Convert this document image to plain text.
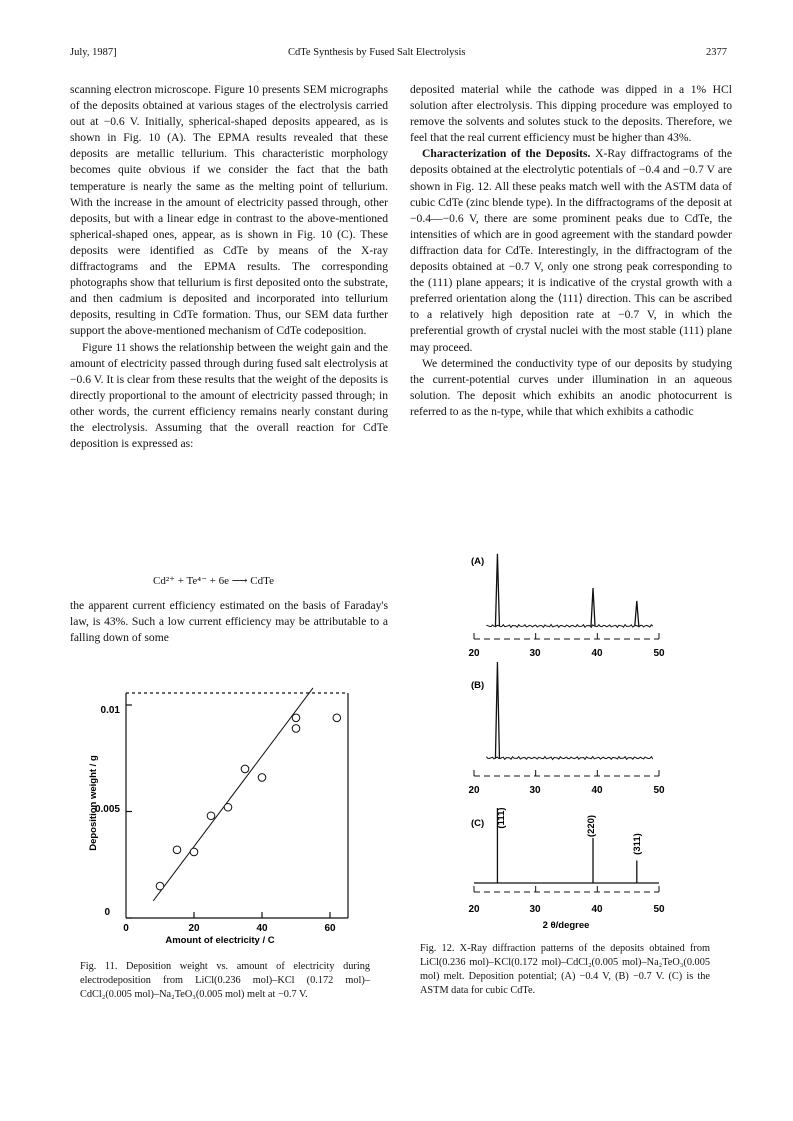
July, 1987]	CdTe Synthesis by Fused Salt Electrolysis	2377

scanning electron microscope. Figure 10 presents SEM micrographs of the deposits obtained at various stages of the electrolysis carried out at −0.6 V. Initially, spherical-shaped deposits appeared, as is shown in Fig. 10 (A). The EPMA results revealed that these deposits are metallic tellurium. This characteristic morphology becomes quite obvious if we consider the fact that the bath temperature is nearly the same as the melting point of tellurium. With the increase in the amount of electricity passed through, other deposits, but with a linear edge in contrast to the above-mentioned spherical-shaped ones, appear, as is shown in Fig. 10 (C). These deposits were identified as CdTe by means of the X-ray diffractograms and the EPMA results. The corresponding photographs show that tellurium is first deposited onto the substrate, and then cadmium is deposited and incorporated into tellurium deposits, resulting in CdTe formation. Thus, our SEM data further support the above-mentioned mechanism of CdTe codeposition.

Figure 11 shows the relationship between the weight gain and the amount of electricity passed through during fused salt electrolysis at −0.6 V. It is clear from these results that the weight of the deposits is directly proportional to the amount of electricity passed through; in other words, the current efficiency remains nearly constant during the electrolysis. Assuming that the overall reaction for CdTe deposition is expressed as:

Cd²⁺ + Te⁴⁻ + 6e ⟶ CdTe

the apparent current efficiency estimated on the basis of Faraday's law, is 43%. Such a low current efficiency may be attributable to a falling down of some

deposited material while the cathode was dipped in a 1% HCl solution after electrolysis. This dipping procedure was employed to remove the solvents and solutes stuck to the deposits. Therefore, we feel that the real current efficiency must be higher than 43%.

Characterization of the Deposits. X-Ray diffractograms of the deposits obtained at the electrolytic potentials of −0.4 and −0.7 V are shown in Fig. 12. All these peaks match well with the ASTM data of cubic CdTe (zinc blende type). In the diffractograms of the deposit at −0.4—−0.6 V, there are some prominent peaks due to CdTe, the intensities of which are in good agreement with the standard powder diffraction data for CdTe. Interestingly, in the diffractogram of the deposits obtained at −0.7 V, only one strong peak corresponding to the (111) plane appears; it is indicative of the crystal growth with a preferred orientation along the ⟨111⟩ direction. This can be ascribed to a relatively high deposition rate at −0.7 V, in which the preferential growth of crystal nuclei with the most stable (111) plane may proceed.

We determined the conductivity type of our deposits by studying the current-potential curves under illumination in an aqueous solution. The deposit which exhibits an anodic photocurrent is referred to as the n-type, while that which exhibits a cathodic

0
0.005
0.01
0	20	40	60
Amount of electricity / C
Deposition weight / g
Fig. 11. Deposition weight vs. amount of electricity during electrodeposition from LiCl(0.236 mol)–KCl (0.172 mol)–CdCl₂(0.005 mol)–Na₂TeO₃(0.005 mol) melt at −0.7 V.
(A)
(B)
(C)
20	30	40	50
20	30	40	50
20	30	40	50
2 θ/degree
(111)	(220)
(311)
Fig. 12. X-Ray diffraction patterns of the deposits obtained from LiCl(0.236 mol)–KCl(0.172 mol)–CdCl₂(0.005 mol)–Na₂TeO₃(0.005 mol) melt. Deposition potential; (A) −0.4 V, (B) −0.7 V. (C) is the ASTM data for cubic CdTe.
